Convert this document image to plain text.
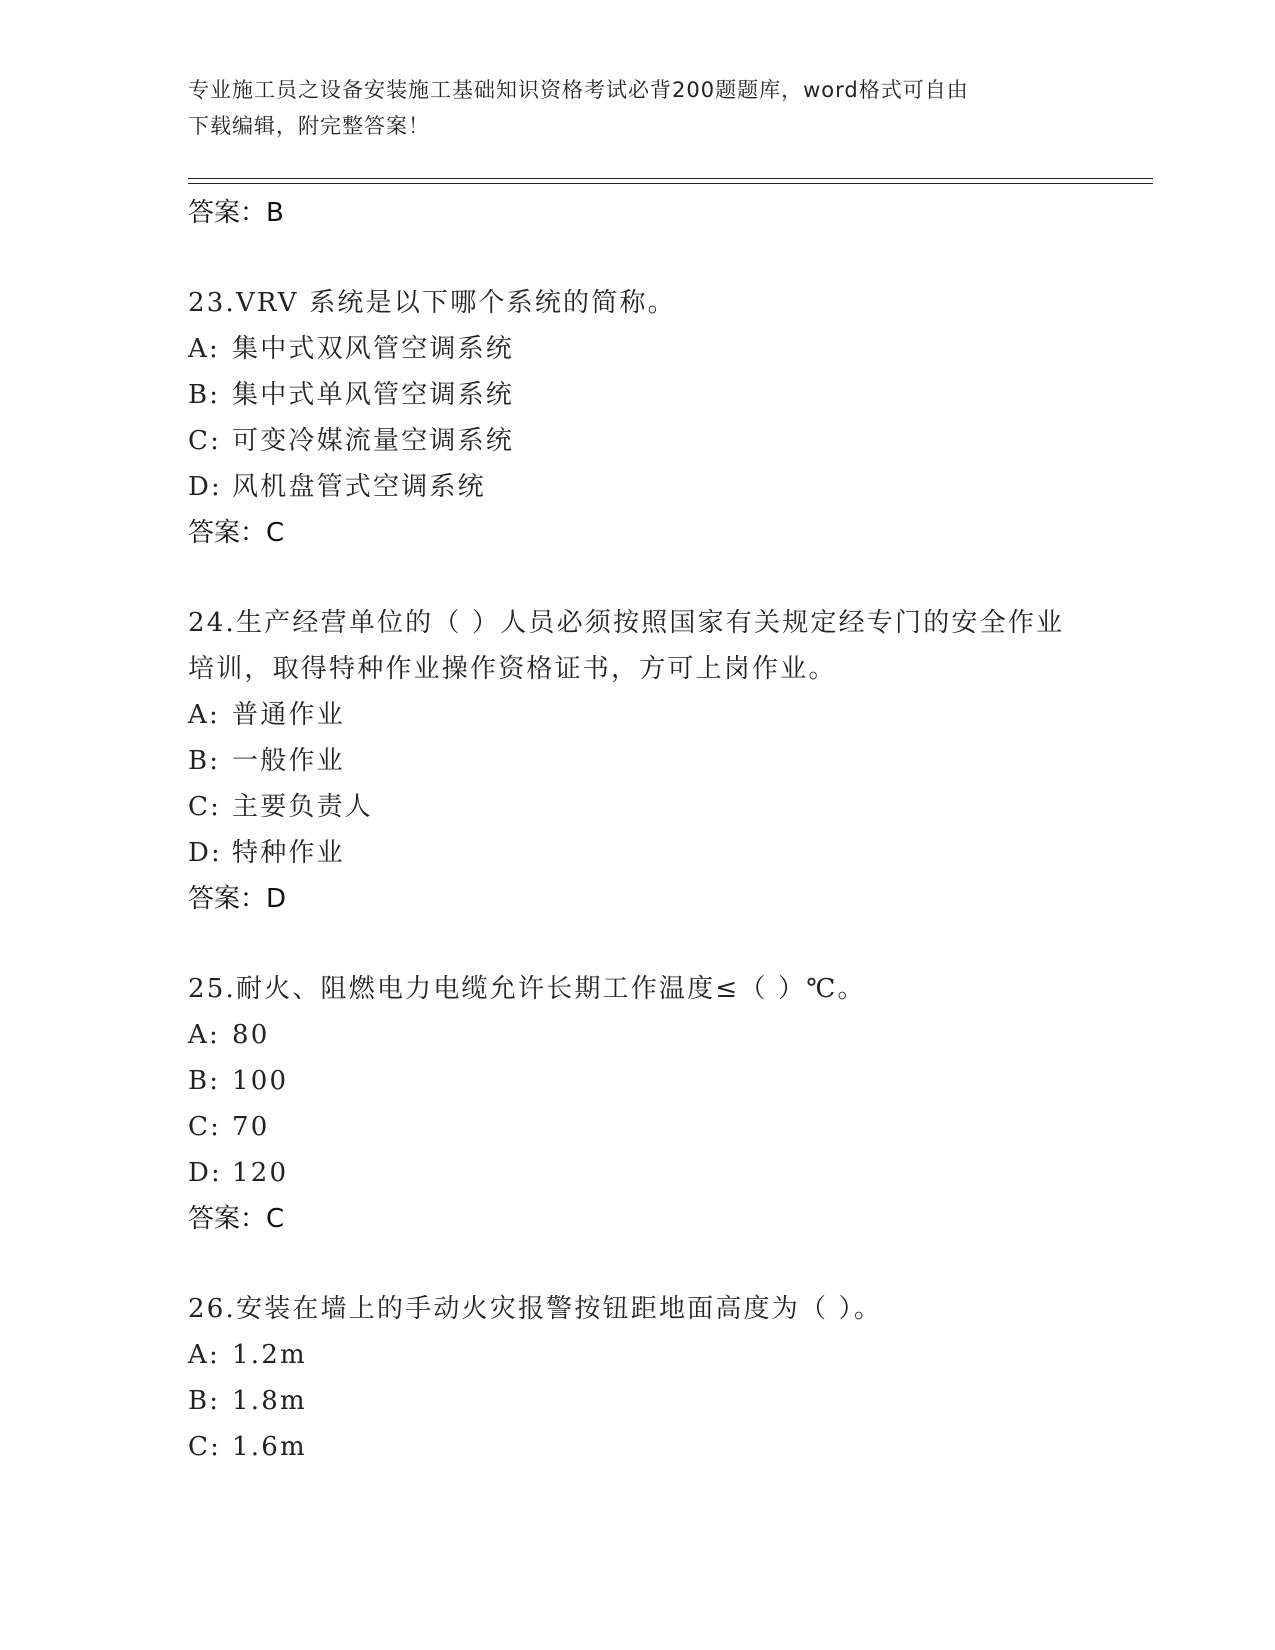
专业施工员之设备安装施工基础知识资格考试必背200题题库，word格式可自由
下载编辑，附完整答案！
答案：B
23.VRV 系统是以下哪个系统的简称。
A: 集中式双风管空调系统
B: 集中式单风管空调系统
C: 可变冷媒流量空调系统
D: 风机盘管式空调系统
答案：C
24.生产经营单位的（ ）人员必须按照国家有关规定经专门的安全作业培训，取得特种作业操作资格证书，方可上岗作业。
A: 普通作业
B: 一般作业
C: 主要负责人
D: 特种作业
答案：D
25.耐火、阻燃电力电缆允许长期工作温度≤（ ）℃。
A: 80
B: 100
C: 70
D: 120
答案：C
26.安装在墙上的手动火灾报警按钮距地面高度为（ ）。
A: 1.2m
B: 1.8m
C: 1.6m
